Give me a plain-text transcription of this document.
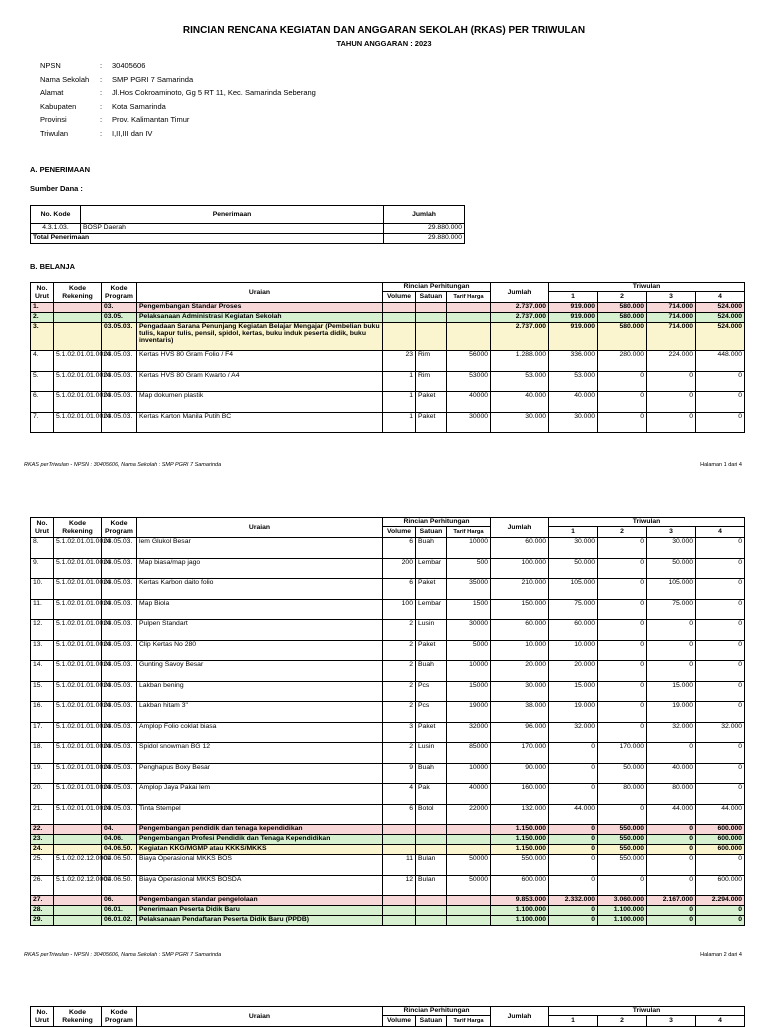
RINCIAN RENCANA KEGIATAN DAN ANGGARAN SEKOLAH (RKAS) PER TRIWULAN
TAHUN ANGGARAN : 2023
NPSN	: 30405606
Nama Sekolah : SMP PGRI 7 Samarinda
Alamat	: Jl.Hos Cokroaminoto, Gg 5 RT 11, Kec. Samarinda Seberang
Kabupaten	: Kota Samarinda
Provinsi	: Prov. Kalimantan Timur
Triwulan	: I,II,III dan IV
A. PENERIMAAN
Sumber Dana :
No. Kode	Penerimaan	Jumlah
4.3.1.03.	BOSP Daerah	29.880.000
Total Penerimaan		29.880.000
B. BELANJA
No. Urut	Kode Rekening	Kode Program	Uraian	Rincian Perhitungan			Jumlah	Triwulan			
				Volume	Satuan	Tarif Harga		1	2	3	4
1.		03.	Pengembangan Standar Proses				2.737.000	919.000	580.000	714.000	524.000
2.		03.05.	Pelaksanaan Administrasi Kegiatan Sekolah				2.737.000	919.000	580.000	714.000	524.000
3.		03.05.03.	Pengadaan Sarana Penunjang Kegiatan Belajar Mengajar (Pembelian buku tulis, kapur tulis, pensil, spidol, kertas, buku induk peserta didik, buku inventaris)				2.737.000	919.000	580.000	714.000	524.000
4.	5.1.02.01.01.0024	03.05.03.	Kertas HVS 80 Gram Folio / F4	23	Rim	56000	1.288.000	336.000	280.000	224.000	448.000
5.	5.1.02.01.01.0024	03.05.03.	Kertas HVS 80 Gram Kwarto / A4	1	Rim	53000	53.000	53.000	0	0	0
6.	5.1.02.01.01.0024	03.05.03.	Map dokumen plastik	1	Paket	40000	40.000	40.000	0	0	0
7.	5.1.02.01.01.0024	03.05.03.	Kertas Karton Manila Putih BC	1	Paket	30000	30.000	30.000	0	0	0
RKAS perTriwulan - NPSN : 30405606, Nama Sekolah : SMP PGRI 7 Samarinda	Halaman 1 dari 4
No. Urut	Kode Rekening	Kode Program	Uraian	Rincian Perhitungan			Jumlah	Triwulan			
				Volume	Satuan	Tarif Harga		1	2	3	4
8.	5.1.02.01.01.0024	03.05.03.	lem Glukol Besar	6	Buah	10000	60.000	30.000	0	30.000	0
9.	5.1.02.01.01.0024	03.05.03.	Map biasa/map jago	200	Lembar	500	100.000	50.000	0	50.000	0
10.	5.1.02.01.01.0024	03.05.03.	Kertas Karbon daito folio	6	Paket	35000	210.000	105.000	0	105.000	0
11.	5.1.02.01.01.0024	03.05.03.	Map Biola	100	Lembar	1500	150.000	75.000	0	75.000	0
12.	5.1.02.01.01.0024	03.05.03.	Pulpen Standart	2	Lusin	30000	60.000	60.000	0	0	0
13.	5.1.02.01.01.0024	03.05.03.	Clip Kertas No 280	2	Paket	5000	10.000	10.000	0	0	0
14.	5.1.02.01.01.0024	03.05.03.	Gunting Savoy Besar	2	Buah	10000	20.000	20.000	0	0	0
15.	5.1.02.01.01.0024	03.05.03.	Lakban bening	2	Pcs	15000	30.000	15.000	0	15.000	0
16.	5.1.02.01.01.0024	03.05.03.	Lakban hitam 3"	2	Pcs	19000	38.000	19.000	0	19.000	0
17.	5.1.02.01.01.0024	03.05.03.	Amplop Folio coklat biasa	3	Paket	32000	96.000	32.000	0	32.000	32.000
18.	5.1.02.01.01.0024	03.05.03.	Spidol snowman BG 12	2	Lusin	85000	170.000	0	170.000	0	0
19.	5.1.02.01.01.0024	03.05.03.	Penghapus Boxy Besar	9	Buah	10000	90.000	0	50.000	40.000	0
20.	5.1.02.01.01.0024	03.05.03.	Amplop Jaya Pakai lem	4	Pak	40000	160.000	0	80.000	80.000	0
21.	5.1.02.01.01.0024	03.05.03.	Tinta Stempel	6	Botol	22000	132.000	44.000	0	44.000	44.000
22.		04.	Pengembangan pendidik dan tenaga kependidikan				1.150.000	0	550.000	0	600.000
23.		04.06.	Pengembangan Profesi Pendidik dan Tenaga Kependidikan				1.150.000	0	550.000	0	600.000
24.		04.06.50.	Kegiatan KKG/MGMP atau KKKS/MKKS				1.150.000	0	550.000	0	600.000
25.	5.1.02.02.12.0001	04.06.50.	Biaya Operasional MKKS BOS	11	Bulan	50000	550.000	0	550.000	0	0
26.	5.1.02.02.12.0001	04.06.50.	Biaya Operasional MKKS BOSDA	12	Bulan	50000	600.000	0	0	0	600.000
27.		06.	Pengembangan standar pengelolaan				9.853.000	2.332.000	3.060.000	2.167.000	2.294.000
28.		06.01.	Penerimaan Peserta Didik Baru				1.100.000	0	1.100.000	0	0
29.		06.01.02.	Pelaksanaan Pendaftaran Peserta Didik Baru (PPDB)				1.100.000	0	1.100.000	0	0
RKAS perTriwulan - NPSN : 30405606, Nama Sekolah : SMP PGRI 7 Samarinda	Halaman 2 dari 4
No. Urut	Kode Rekening	Kode Program	Uraian	Rincian Perhitungan			Jumlah	Triwulan			
				Volume	Satuan	Tarif Harga		1	2	3	4
